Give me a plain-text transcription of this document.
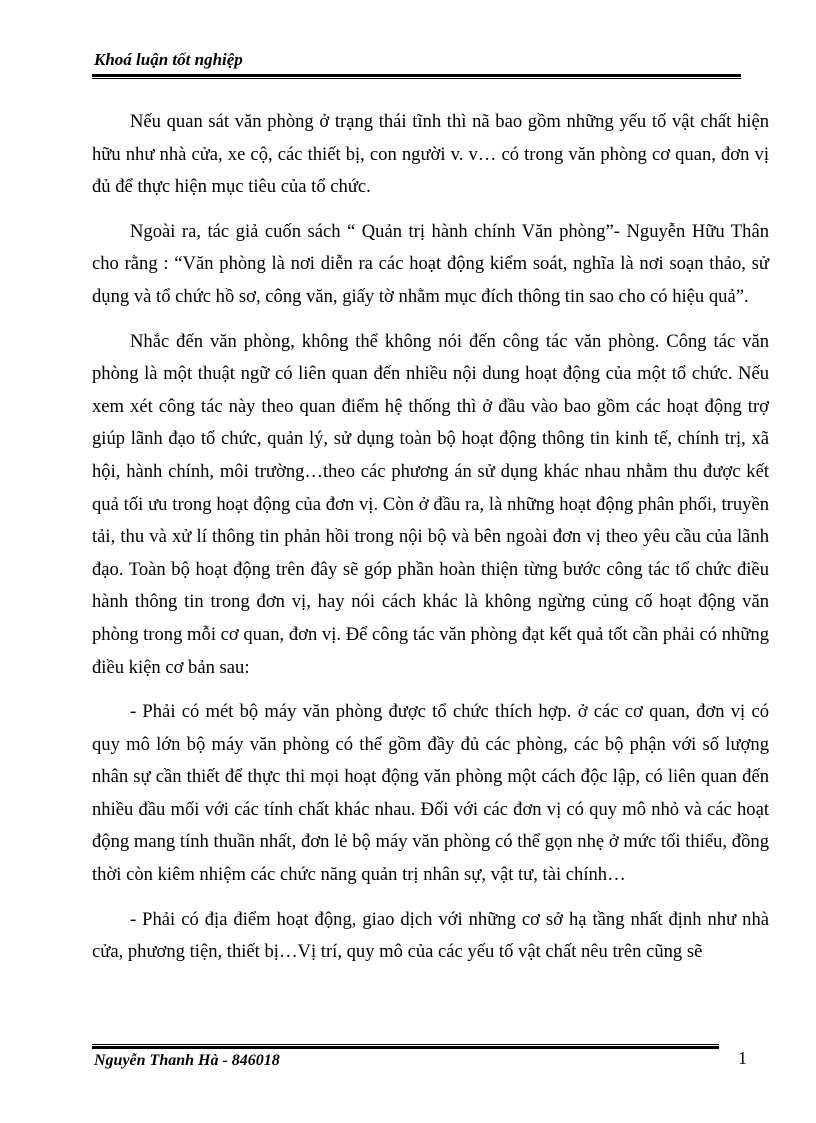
Khoá luận tốt nghiệp

Nếu quan sát văn phòng ở trạng thái tĩnh thì nã bao gồm những yếu tố vật chất hiện hữu như nhà cửa, xe cộ, các thiết bị, con người v. v… có trong văn phòng cơ quan, đơn vị đủ để thực hiện mục tiêu của tổ chức.

Ngoài ra, tác giả cuốn sách “ Quản trị hành chính Văn phòng”- Nguyễn Hữu Thân cho rằng : “Văn phòng là nơi diễn ra các hoạt động kiểm soát, nghĩa là nơi soạn thảo, sử dụng và tổ chức hồ sơ, công văn, giấy tờ nhằm mục đích thông tin sao cho có hiệu quả”.

Nhắc đến văn phòng, không thể không nói đến công tác văn phòng. Công tác văn phòng là một thuật ngữ có liên quan đến nhiều nội dung hoạt động của một tổ chức. Nếu xem xét công tác này theo quan điểm hệ thống thì ở đầu vào bao gồm các hoạt động trợ giúp lãnh đạo tổ chức, quản lý, sử dụng toàn bộ hoạt động thông tin kinh tế, chính trị, xã hội, hành chính, môi trường…theo các phương án sử dụng khác nhau nhằm thu được kết quả tối ưu trong hoạt động của đơn vị. Còn ở đầu ra, là những hoạt động phân phối, truyền tải, thu và xử lí thông tin phản hồi trong nội bộ và bên ngoài đơn vị theo yêu cầu của lãnh đạo. Toàn bộ hoạt động trên đây sẽ góp phần hoàn thiện từng bước công tác tổ chức điều hành thông tin trong đơn vị, hay nói cách khác là không ngừng củng cố hoạt động văn phòng trong mỗi cơ quan, đơn vị. Để công tác văn phòng đạt kết quả tốt cần phải có những điều kiện cơ bản sau:

- Phải có mét bộ máy văn phòng được tổ chức thích hợp. ở các cơ quan, đơn vị có quy mô lớn bộ máy văn phòng có thể gồm đầy đủ các phòng, các bộ phận với số lượng nhân sự cần thiết để thực thi mọi hoạt động văn phòng một cách độc lập, có liên quan đến nhiều đầu mối với các tính chất khác nhau. Đối với các đơn vị có quy mô nhỏ và các hoạt động mang tính thuần nhất, đơn lẻ bộ máy văn phòng có thể gọn nhẹ ở mức tối thiểu, đồng thời còn kiêm nhiệm các chức năng quản trị nhân sự, vật tư, tài chính…

- Phải có địa điểm hoạt động, giao dịch với những cơ sở hạ tầng nhất định như nhà cửa, phương tiện, thiết bị…Vị trí, quy mô của các yếu tố vật chất nêu trên cũng sẽ

Nguyễn Thanh Hà - 846018	1
